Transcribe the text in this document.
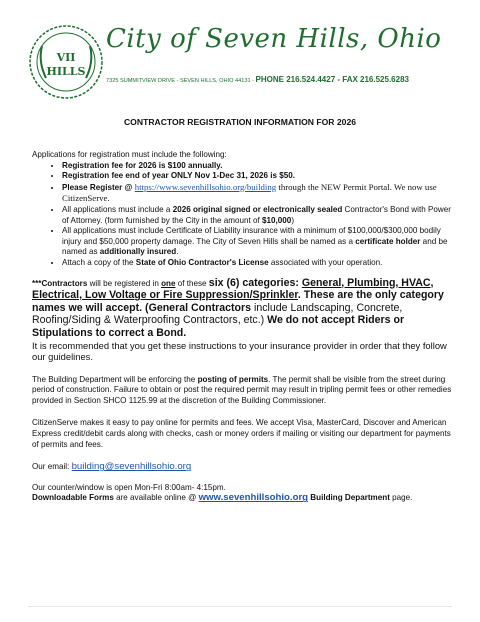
VII
HILLS
City of Seven Hills, Ohio
7325 SUMMITVIEW DRIVE - SEVEN HILLS, OHIO 44131 - PHONE 216.524.4427 - FAX 216.525.6283
CONTRACTOR REGISTRATION INFORMATION FOR 2026

Applications for registration must include the following:

• Registration fee for 2026 is $100 annually.
• Registration fee end of year ONLY Nov 1-Dec 31, 2026 is $50.
• Please Register @ https://www.sevenhillsohio.org/building through the NEW Permit Portal. We now use CitizenServe.
• All applications must include a 2026 original signed or electronically sealed Contractor's Bond with Power of Attorney. (form furnished by the City in the amount of $10,000)
• All applications must include Certificate of Liability insurance with a minimum of $100,000/$300,000 bodily injury and $50,000 property damage. The City of Seven Hills shall be named as a certificate holder and be named as additionally insured.
• Attach a copy of the State of Ohio Contractor's License associated with your operation.

***Contractors will be registered in one of these six (6) categories: General, Plumbing, HVAC, Electrical, Low Voltage or Fire Suppression/Sprinkler. These are the only category names we will accept. (General Contractors include Landscaping, Concrete, Roofing/Siding & Waterproofing Contractors, etc.) We do not accept Riders or Stipulations to correct a Bond.

It is recommended that you get these instructions to your insurance provider in order that they follow our guidelines.

The Building Department will be enforcing the posting of permits. The permit shall be visible from the street during period of construction. Failure to obtain or post the required permit may result in tripling permit fees or other remedies provided in Section SHCO 1125.99 at the discretion of the Building Commissioner.

CitizenServe makes it easy to pay online for permits and fees. We accept Visa, MasterCard, Discover and American Express credit/debit cards along with checks, cash or money orders if mailing or visiting our department for payments of permits and fees.

Our email: building@sevenhillsohio.org

Our counter/window is open Mon-Fri 8:00am- 4:15pm.

Downloadable Forms are available online @ www.sevenhillsohio.org Building Department page.
